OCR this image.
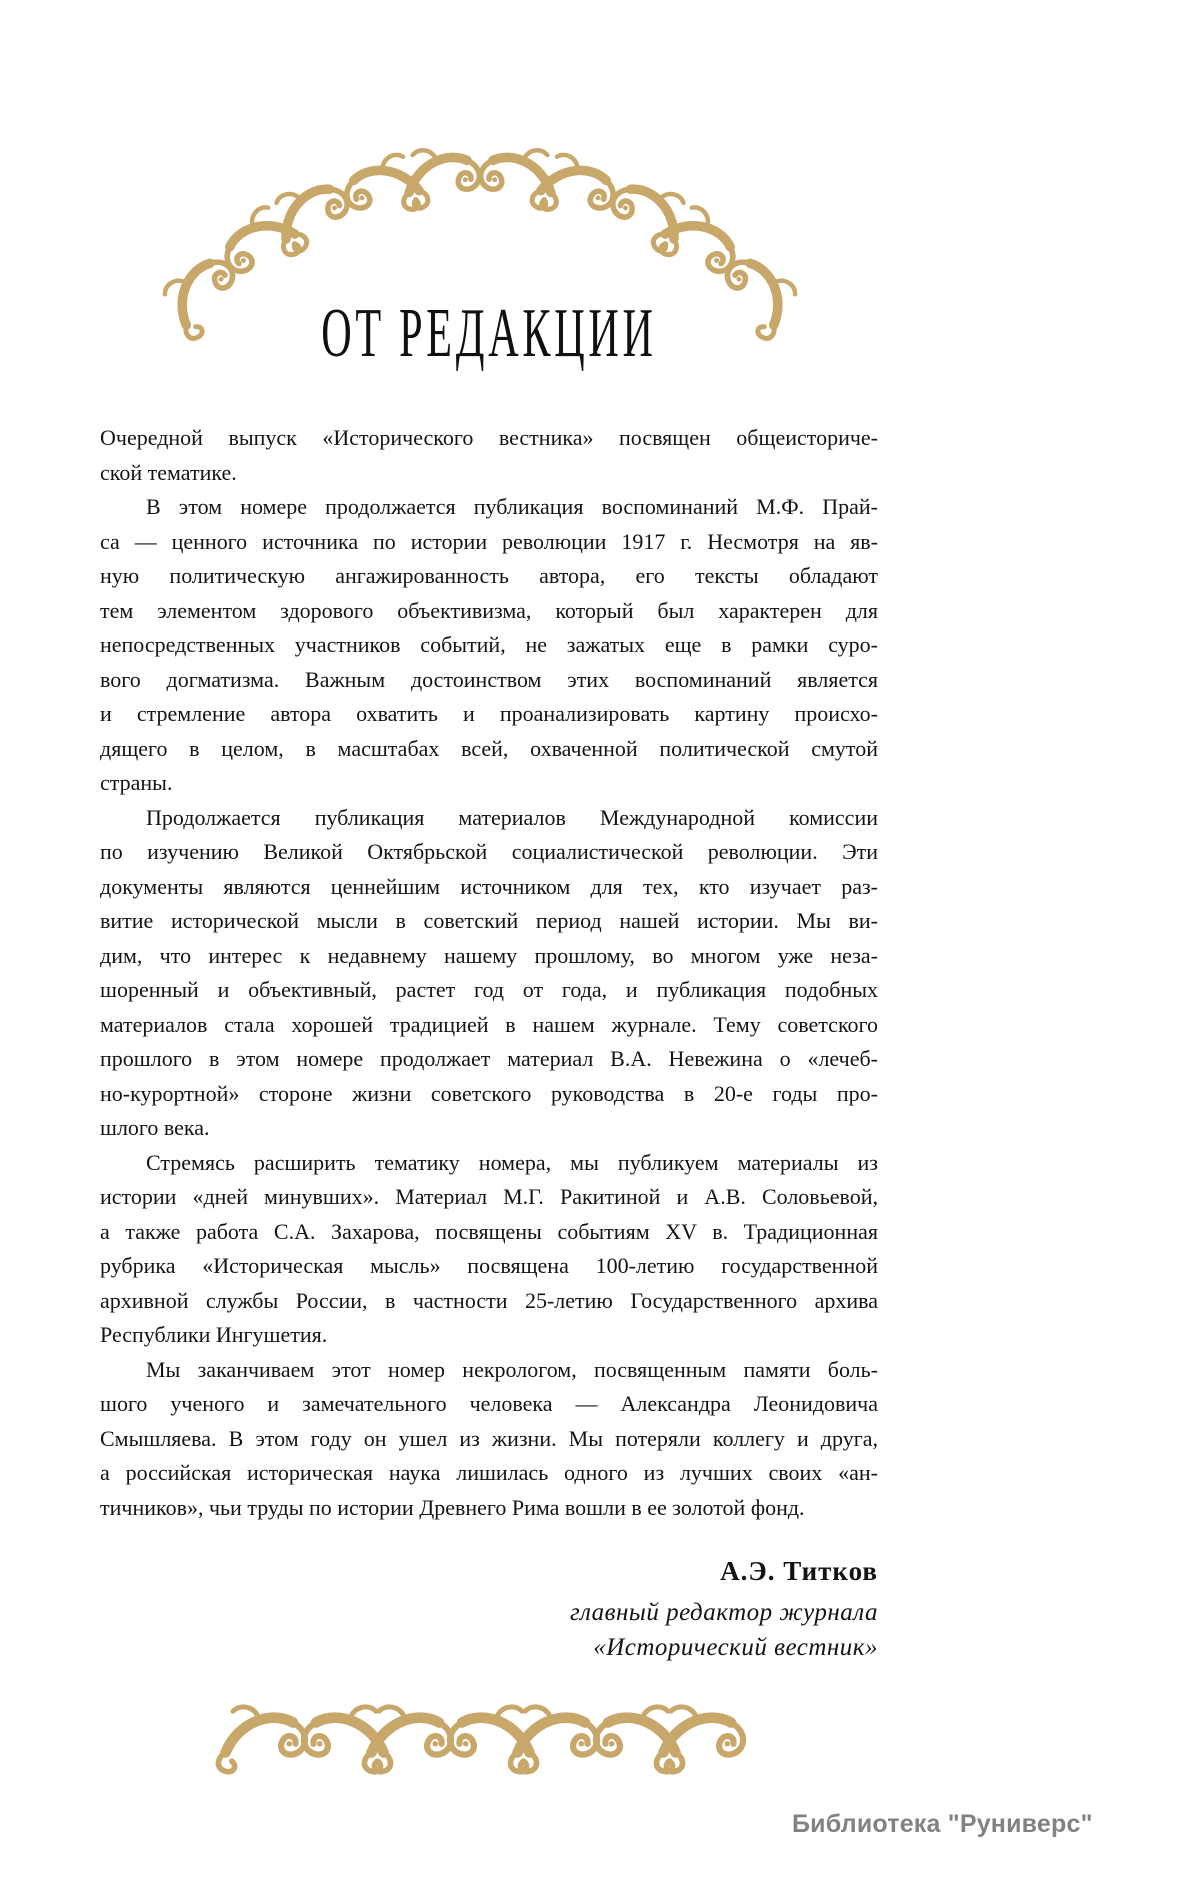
ОТ РЕДАКЦИИ
Очередной выпуск «Исторического вестника» посвящен общеисториче-
ской тематике.
В этом номере продолжается публикация воспоминаний М.Ф. Прай-
са — ценного источника по истории революции 1917 г. Несмотря на яв-
ную политическую ангажированность автора, его тексты обладают
тем элементом здорового объективизма, который был характерен для
непосредственных участников событий, не зажатых еще в рамки суро-
вого догматизма. Важным достоинством этих воспоминаний является
и стремление автора охватить и проанализировать картину происхо-
дящего в целом, в масштабах всей, охваченной политической смутой
страны.
Продолжается публикация материалов Международной комиссии
по изучению Великой Октябрьской социалистической революции. Эти
документы являются ценнейшим источником для тех, кто изучает раз-
витие исторической мысли в советский период нашей истории. Мы ви-
дим, что интерес к недавнему нашему прошлому, во многом уже неза-
шоренный и объективный, растет год от года, и публикация подобных
материалов стала хорошей традицией в нашем журнале. Тему советского
прошлого в этом номере продолжает материал В.А. Невежина о «лечеб-
но-курортной» стороне жизни советского руководства в 20-е годы про-
шлого века.
Стремясь расширить тематику номера, мы публикуем материалы из
истории «дней минувших». Материал М.Г. Ракитиной и А.В. Соловьевой,
а также работа С.А. Захарова, посвящены событиям XV в. Традиционная
рубрика «Историческая мысль» посвящена 100-летию государственной
архивной службы России, в частности 25-летию Государственного архива
Республики Ингушетия.
Мы заканчиваем этот номер некрологом, посвященным памяти боль-
шого ученого и замечательного человека — Александра Леонидовича
Смышляева. В этом году он ушел из жизни. Мы потеряли коллегу и друга,
а российская историческая наука лишилась одного из лучших своих «ан-
тичников», чьи труды по истории Древнего Рима вошли в ее золотой фонд.
А.Э. Титков
главный редактор журнала
«Исторический вестник»
Библиотека "Руниверс"
